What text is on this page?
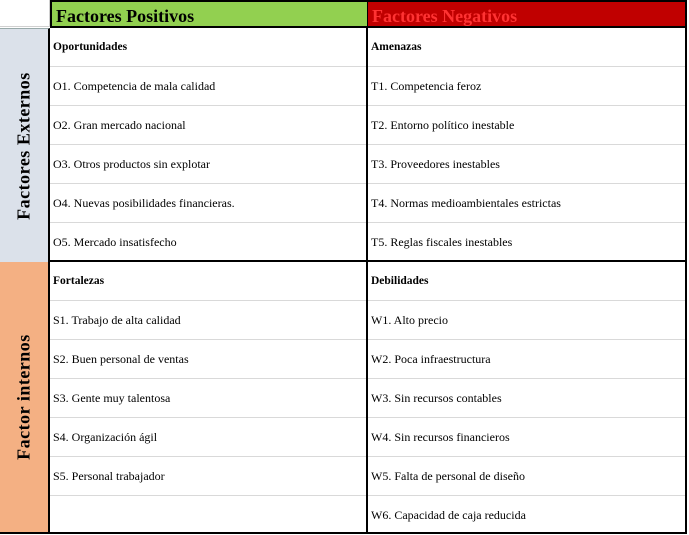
Factores Positivos	Factores Negativos
Factores Externos
Factor internos
Oportunidades
O1. Competencia de mala calidad
O2. Gran mercado nacional
O3. Otros productos sin explotar
O4. Nuevas posibilidades financieras.
O5. Mercado insatisfecho
Amenazas
T1. Competencia feroz
T2. Entorno político inestable
T3. Proveedores inestables
T4. Normas medioambientales estrictas
T5. Reglas fiscales inestables
Fortalezas
S1. Trabajo de alta calidad
S2. Buen personal de ventas
S3. Gente muy talentosa
S4. Organización ágil
S5. Personal trabajador
Debilidades
W1. Alto precio
W2. Poca infraestructura
W3. Sin recursos contables
W4. Sin recursos financieros
W5. Falta de personal de diseño
W6. Capacidad de caja reducida
